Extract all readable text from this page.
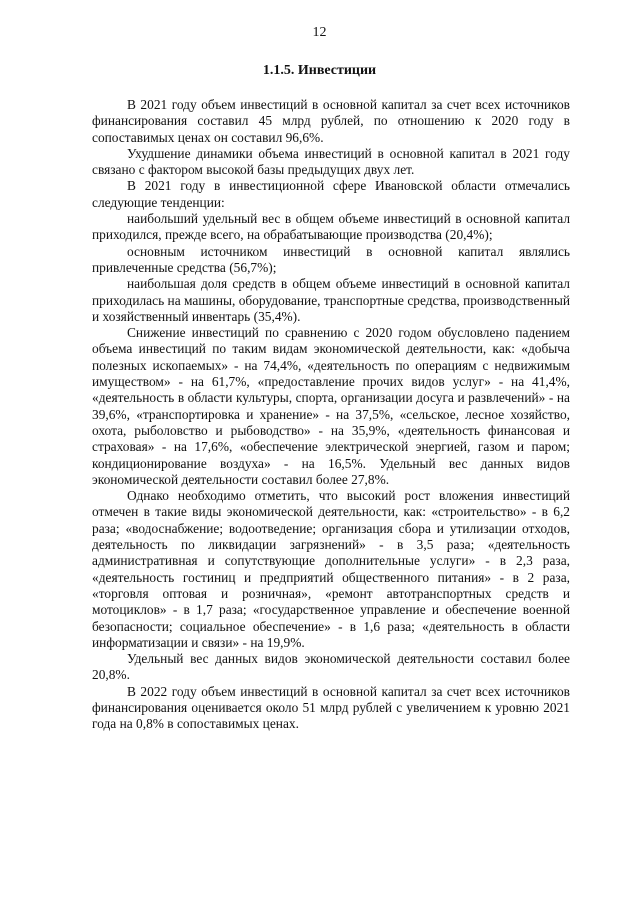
12
1.1.5. Инвестиции

В 2021 году объем инвестиций в основной капитал за счет всех источников финансирования составил 45 млрд рублей, по отношению к 2020 году в сопоставимых ценах он составил 96,6%.

Ухудшение динамики объема инвестиций в основной капитал в 2021 году связано с фактором высокой базы предыдущих двух лет.

В 2021 году в инвестиционной сфере Ивановской области отмечались следующие тенденции:

наибольший удельный вес в общем объеме инвестиций в основной капитал приходился, прежде всего, на обрабатывающие производства (20,4%);

основным источником инвестиций в основной капитал являлись привлеченные средства (56,7%);

наибольшая доля средств в общем объеме инвестиций в основной капитал приходилась на машины, оборудование, транспортные средства, производственный и хозяйственный инвентарь (35,4%).

Снижение инвестиций по сравнению с 2020 годом обусловлено падением объема инвестиций по таким видам экономической деятельности, как: «добыча полезных ископаемых» - на 74,4%, «деятельность по операциям с недвижимым имуществом» - на 61,7%, «предоставление прочих видов услуг» - на 41,4%, «деятельность в области культуры, спорта, организации досуга и развлечений» - на 39,6%, «транспортировка и хранение» - на 37,5%, «сельское, лесное хозяйство, охота, рыболовство и рыбоводство» - на 35,9%, «деятельность финансовая и страховая» - на 17,6%, «обеспечение электрической энергией, газом и паром; кондиционирование воздуха» - на 16,5%. Удельный вес данных видов экономической деятельности составил более 27,8%.

Однако необходимо отметить, что высокий рост вложения инвестиций отмечен в такие виды экономической деятельности, как: «строительство» - в 6,2 раза; «водоснабжение; водоотведение; организация сбора и утилизации отходов, деятельность по ликвидации загрязнений» - в 3,5 раза; «деятельность административная и сопутствующие дополнительные услуги» - в 2,3 раза, «деятельность гостиниц и предприятий общественного питания» - в 2 раза, «торговля оптовая и розничная», «ремонт автотранспортных средств и мотоциклов» - в 1,7 раза; «государственное управление и обеспечение военной безопасности; социальное обеспечение» - в 1,6 раза; «деятельность в области информатизации и связи» - на 19,9%.

Удельный вес данных видов экономической деятельности составил более 20,8%.

В 2022 году объем инвестиций в основной капитал за счет всех источников финансирования оценивается около 51 млрд рублей с увеличением к уровню 2021 года на 0,8% в сопоставимых ценах.
